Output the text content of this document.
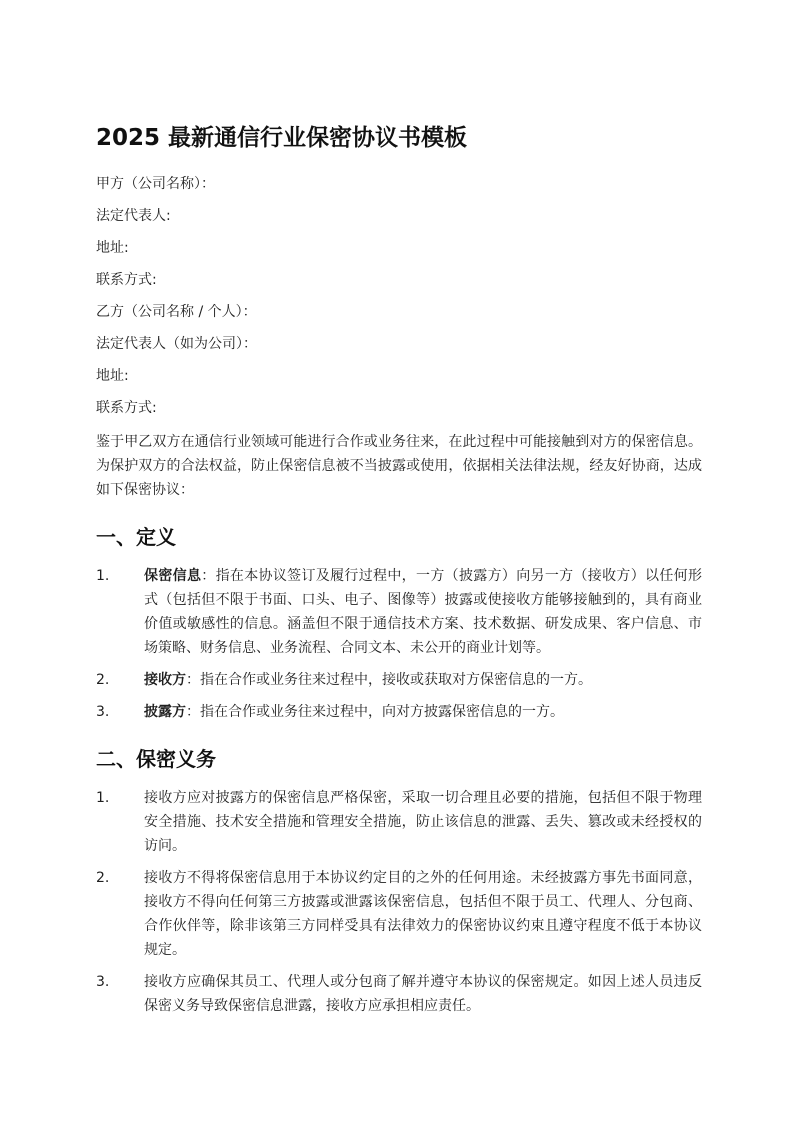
2025 最新通信行业保密协议书模板
甲方（公司名称）：
法定代表人:
地址:
联系方式:
乙方（公司名称 / 个人）：
法定代表人（如为公司）：
地址:
联系方式:

鉴于甲乙双方在通信行业领域可能进行合作或业务往来，在此过程中可能接触到对方的保密信息。为保护双方的合法权益，防止保密信息被不当披露或使用，依据相关法律法规，经友好协商，达成如下保密协议：

一、定义
1.	保密信息：指在本协议签订及履行过程中，一方（披露方）向另一方（接收方）以任何形式（包括但不限于书面、口头、电子、图像等）披露或使接收方能够接触到的，具有商业价值或敏感性的信息。涵盖但不限于通信技术方案、技术数据、研发成果、客户信息、市场策略、财务信息、业务流程、合同文本、未公开的商业计划等。
2.	接收方：指在合作或业务往来过程中，接收或获取对方保密信息的一方。
3.	披露方：指在合作或业务往来过程中，向对方披露保密信息的一方。
二、保密义务
1.	接收方应对披露方的保密信息严格保密，采取一切合理且必要的措施，包括但不限于物理安全措施、技术安全措施和管理安全措施，防止该信息的泄露、丢失、篡改或未经授权的访问。
2.	接收方不得将保密信息用于本协议约定目的之外的任何用途。未经披露方事先书面同意，接收方不得向任何第三方披露或泄露该保密信息，包括但不限于员工、代理人、分包商、合作伙伴等，除非该第三方同样受具有法律效力的保密协议约束且遵守程度不低于本协议规定。
3.	接收方应确保其员工、代理人或分包商了解并遵守本协议的保密规定。如因上述人员违反保密义务导致保密信息泄露，接收方应承担相应责任。
